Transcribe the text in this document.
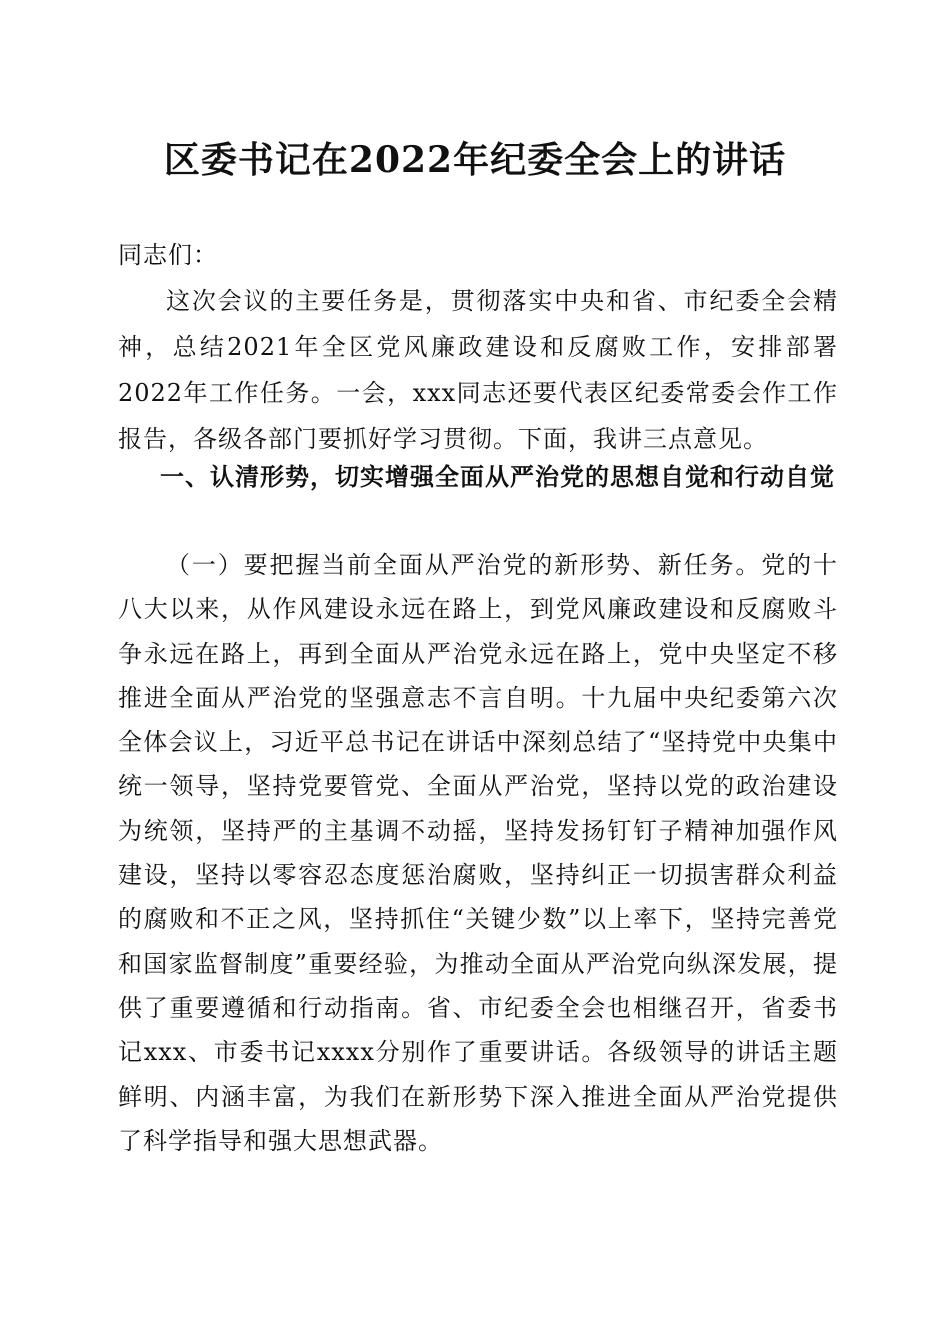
区委书记在2022年纪委全会上的讲话
同志们：
这次会议的主要任务是，贯彻落实中央和省、市纪委全会精神，总结2021年全区党风廉政建设和反腐败工作，安排部署2022年工作任务。一会，xxx同志还要代表区纪委常委会作工作报告，各级各部门要抓好学习贯彻。下面，我讲三点意见。
一、认清形势，切实增强全面从严治党的思想自觉和行动自觉
（一）要把握当前全面从严治党的新形势、新任务。党的十八大以来，从作风建设永远在路上，到党风廉政建设和反腐败斗争永远在路上，再到全面从严治党永远在路上，党中央坚定不移推进全面从严治党的坚强意志不言自明。十九届中央纪委第六次全体会议上，习近平总书记在讲话中深刻总结了“坚持党中央集中统一领导，坚持党要管党、全面从严治党，坚持以党的政治建设为统领，坚持严的主基调不动摇，坚持发扬钉钉子精神加强作风建设，坚持以零容忍态度惩治腐败，坚持纠正一切损害群众利益的腐败和不正之风，坚持抓住“关键少数”以上率下，坚持完善党和国家监督制度”重要经验，为推动全面从严治党向纵深发展，提供了重要遵循和行动指南。省、市纪委全会也相继召开，省委书记xxx、市委书记xxxx分别作了重要讲话。各级领导的讲话主题鲜明、内涵丰富，为我们在新形势下深入推进全面从严治党提供了科学指导和强大思想武器。
